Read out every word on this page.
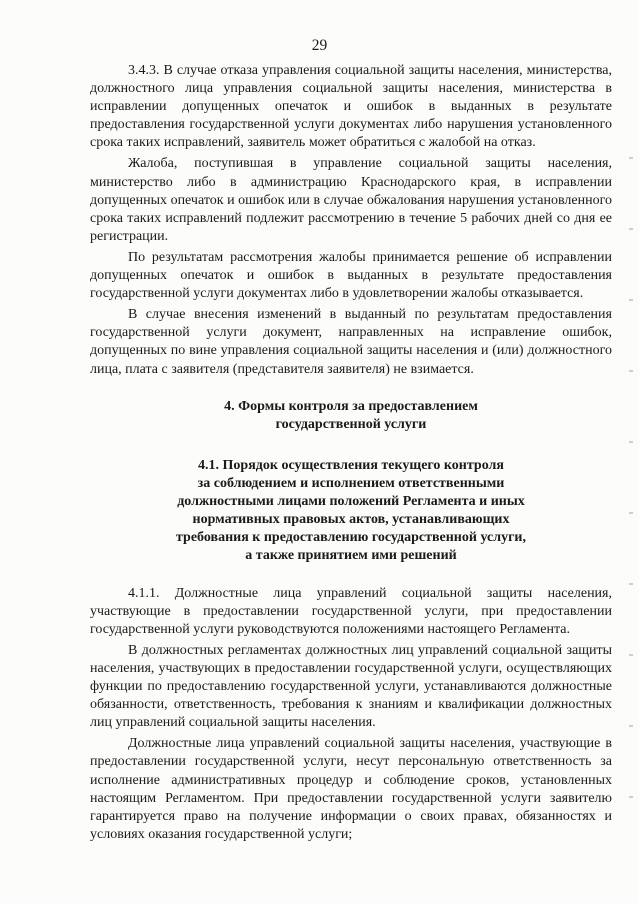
29

3.4.3. В случае отказа управления социальной защиты населения, министерства, должностного лица управления социальной защиты населения, министерства в исправлении допущенных опечаток и ошибок в выданных в результате предоставления государственной услуги документах либо нарушения установленного срока таких исправлений, заявитель может обратиться с жалобой на отказ.

Жалоба, поступившая в управление социальной защиты населения, министерство либо в администрацию Краснодарского края, в исправлении допущенных опечаток и ошибок или в случае обжалования нарушения установленного срока таких исправлений подлежит рассмотрению в течение 5 рабочих дней со дня ее регистрации.

По результатам рассмотрения жалобы принимается решение об исправлении допущенных опечаток и ошибок в выданных в результате предоставления государственной услуги документах либо в удовлетворении жалобы отказывается.

В случае внесения изменений в выданный по результатам предоставления государственной услуги документ, направленных на исправление ошибок, допущенных по вине управления социальной защиты населения и (или) должностного лица, плата с заявителя (представителя заявителя) не взимается.

4. Формы контроля за предоставлением
государственной услуги
4.1. Порядок осуществления текущего контроля
за соблюдением и исполнением ответственными
должностными лицами положений Регламента и иных
нормативных правовых актов, устанавливающих
требования к предоставлению государственной услуги,
а также принятием ими решений

4.1.1. Должностные лица управлений социальной защиты населения, участвующие в предоставлении государственной услуги, при предоставлении государственной услуги руководствуются положениями настоящего Регламента.

В должностных регламентах должностных лиц управлений социальной защиты населения, участвующих в предоставлении государственной услуги, осуществляющих функции по предоставлению государственной услуги, устанавливаются должностные обязанности, ответственность, требования к знаниям и квалификации должностных лиц управлений социальной защиты населения.

Должностные лица управлений социальной защиты населения, участвующие в предоставлении государственной услуги, несут персональную ответственность за исполнение административных процедур и соблюдение сроков, установленных настоящим Регламентом. При предоставлении государственной услуги заявителю гарантируется право на получение информации о своих правах, обязанностях и условиях оказания государственной услуги;
